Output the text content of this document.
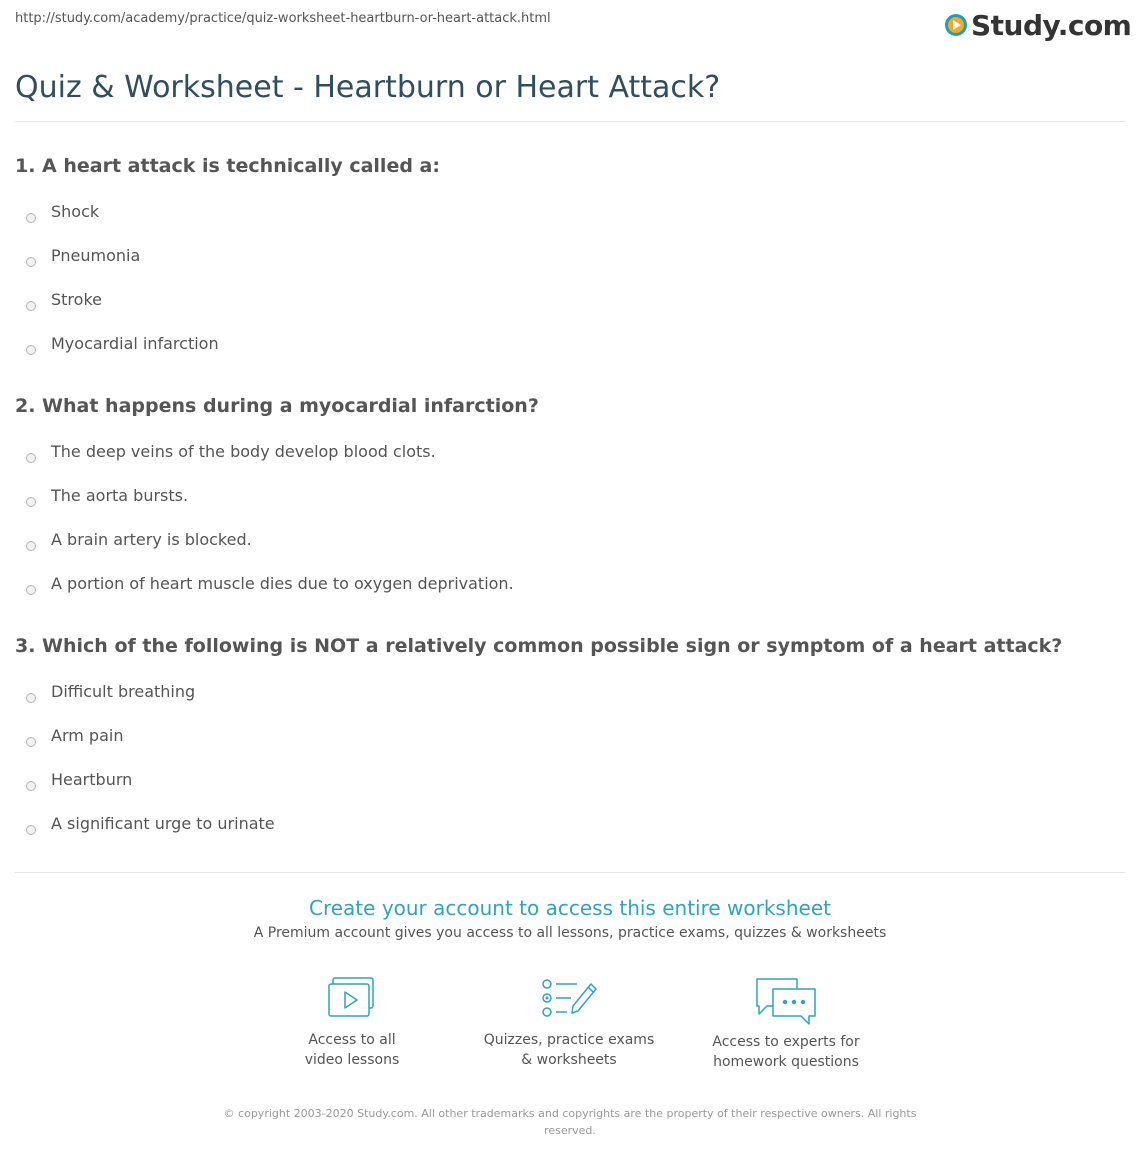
http://study.com/academy/practice/quiz-worksheet-heartburn-or-heart-attack.html	Study.com
Quiz & Worksheet - Heartburn or Heart Attack?
1. A heart attack is technically called a:
Shock
Pneumonia
Stroke
Myocardial infarction
2. What happens during a myocardial infarction?
The deep veins of the body develop blood clots.
The aorta bursts.
A brain artery is blocked.
A portion of heart muscle dies due to oxygen deprivation.
3. Which of the following is NOT a relatively common possible sign or symptom of a heart attack?
Difficult breathing
Arm pain
Heartburn
A significant urge to urinate
Create your account to access this entire worksheet
A Premium account gives you access to all lessons, practice exams, quizzes & worksheets
Access to all
video lessons
Quizzes, practice exams
& worksheets
Access to experts for
homework questions
© copyright 2003-2020 Study.com. All other trademarks and copyrights are the property of their respective owners. All rights
reserved.
